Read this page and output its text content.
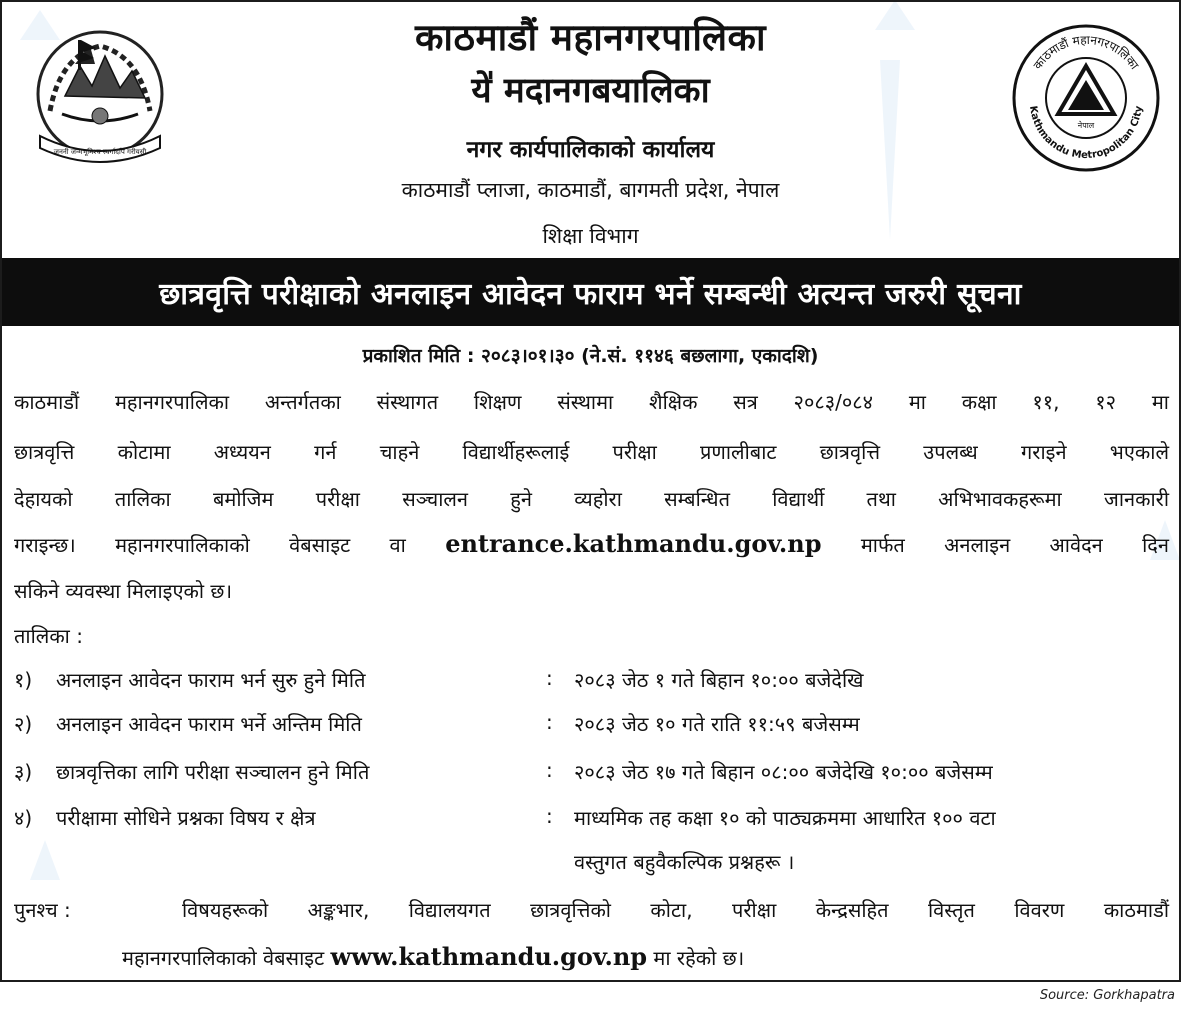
जननी जन्मभूमिश्च स्वर्गादपि गरीयसी
काठमाडौं महानगरपालिका
ये॑ मदानगबयालिका
नगर कार्यपालिकाको कार्यालय
काठमाडौं प्लाजा, काठमाडौं, बागमती प्रदेश, नेपाल
शिक्षा विभाग
काठमाडौं महानगरपालिका
Kathmandu Metropolitan City
नेपाल
छात्रवृत्ति परीक्षाको अनलाइन आवेदन फाराम भर्ने सम्बन्धी अत्यन्त जरुरी सूचना
प्रकाशित मिति : २०८३।०१।३० (ने.सं. ११४६ बछलागा, एकादशि)
काठमाडौं महानगरपालिका अन्तर्गतका संस्थागत शिक्षण संस्थामा शैक्षिक सत्र २०८३/०८४ मा कक्षा ११, १२ मा
छात्रवृत्ति कोटामा अध्ययन गर्न चाहने विद्यार्थीहरूलाई परीक्षा प्रणालीबाट छात्रवृत्ति उपलब्ध गराइने भएकाले
देहायको तालिका बमोजिम परीक्षा सञ्चालन हुने व्यहोरा सम्बन्धित विद्यार्थी तथा अभिभावकहरूमा जानकारी
गराइन्छ। महानगरपालिकाको वेबसाइट वा entrance.kathmandu.gov.np मार्फत अनलाइन आवेदन दिन
सकिने व्यवस्था मिलाइएको छ।
तालिका :
१) अनलाइन आवेदन फाराम भर्न सुरु हुने मिति	: २०८३ जेठ १ गते बिहान १०:०० बजेदेखि
२) अनलाइन आवेदन फाराम भर्ने अन्तिम मिति	: २०८३ जेठ १० गते राति ११:५९ बजेसम्म
३) छात्रवृत्तिका लागि परीक्षा सञ्चालन हुने मिति	: २०८३ जेठ १७ गते बिहान ०८:०० बजेदेखि १०:०० बजेसम्म
४) परीक्षामा सोधिने प्रश्नका विषय र क्षेत्र	: माध्यमिक तह कक्षा १० को पाठ्यक्रममा आधारित १०० वटा
वस्तुगत बहुवैकल्पिक प्रश्नहरू ।
पुनश्च :	विषयहरूको अङ्कभार, विद्यालयगत छात्रवृत्तिको कोटा, परीक्षा केन्द्रसहित विस्तृत विवरण काठमाडौं
महानगरपालिकाको वेबसाइट www.kathmandu.gov.np मा रहेको छ।
Source: Gorkhapatra
